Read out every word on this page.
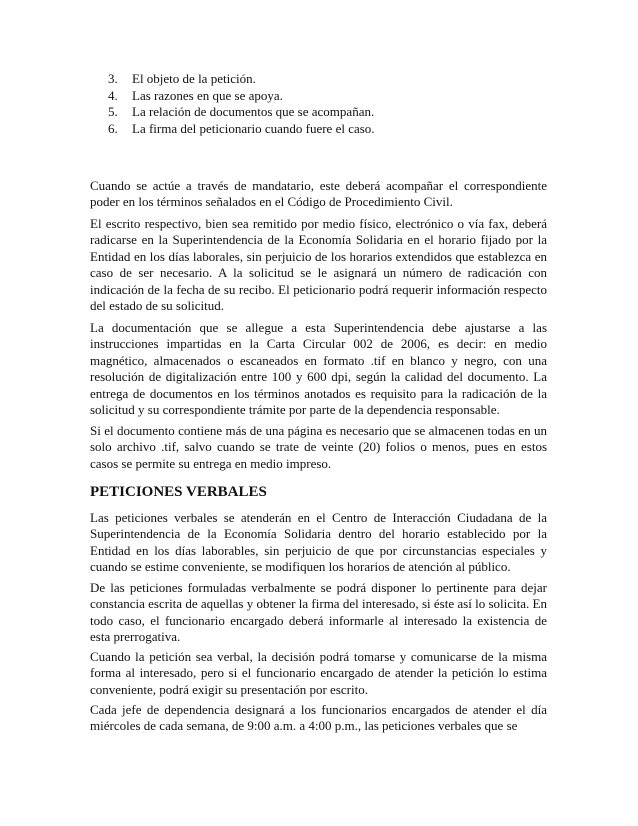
3. El objeto de la petición.
4. Las razones en que se apoya.
5. La relación de documentos que se acompañan.
6. La firma del peticionario cuando fuere el caso.

Cuando se actúe a través de mandatario, este deberá acompañar el correspondiente poder en los términos señalados en el Código de Procedimiento Civil.

El escrito respectivo, bien sea remitido por medio físico, electrónico o vía fax, deberá radicarse en la Superintendencia de la Economía Solidaria en el horario fijado por la Entidad en los días laborales, sin perjuicio de los horarios extendidos que establezca en caso de ser necesario. A la solicitud se le asignará un número de radicación con indicación de la fecha de su recibo. El peticionario podrá requerir información respecto del estado de su solicitud.

La documentación que se allegue a esta Superintendencia debe ajustarse a las instrucciones impartidas en la Carta Circular 002 de 2006, es decir: en medio magnético, almacenados o escaneados en formato .tif en blanco y negro, con una resolución de digitalización entre 100 y 600 dpi, según la calidad del documento. La entrega de documentos en los términos anotados es requisito para la radicación de la solicitud y su correspondiente trámite por parte de la dependencia responsable.

Si el documento contiene más de una página es necesario que se almacenen todas en un solo archivo .tif, salvo cuando se trate de veinte (20) folios o menos, pues en estos casos se permite su entrega en medio impreso.

PETICIONES VERBALES

Las peticiones verbales se atenderán en el Centro de Interacción Ciudadana de la Superintendencia de la Economía Solidaria dentro del horario establecido por la Entidad en los días laborables, sin perjuicio de que por circunstancias especiales y cuando se estime conveniente, se modifiquen los horarios de atención al público.

De las peticiones formuladas verbalmente se podrá disponer lo pertinente para dejar constancia escrita de aquellas y obtener la firma del interesado, si éste así lo solicita. En todo caso, el funcionario encargado deberá informarle al interesado la existencia de esta prerrogativa.

Cuando la petición sea verbal, la decisión podrá tomarse y comunicarse de la misma forma al interesado, pero si el funcionario encargado de atender la petición lo estima conveniente, podrá exigir su presentación por escrito.

Cada jefe de dependencia designará a los funcionarios encargados de atender el día miércoles de cada semana, de 9:00 a.m. a 4:00 p.m., las peticiones verbales que se
